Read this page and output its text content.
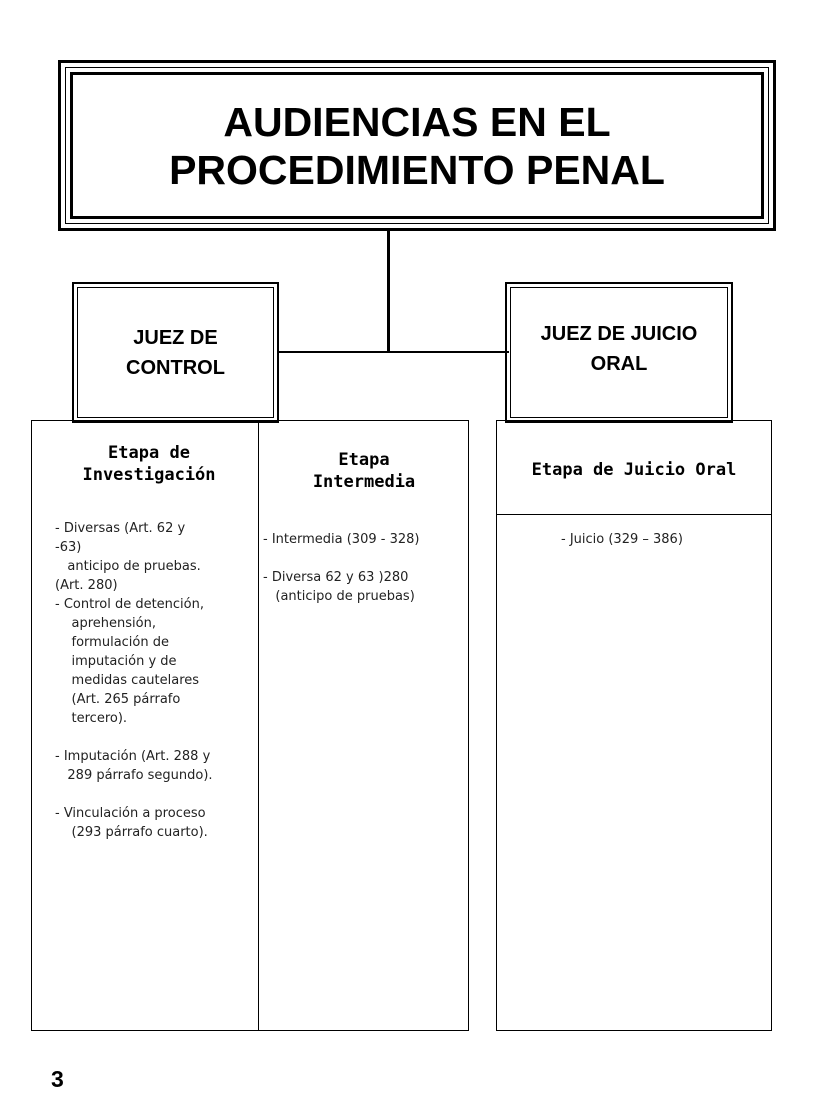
AUDIENCIAS EN EL
PROCEDIMIENTO PENAL
JUEZ DE
CONTROL
JUEZ DE JUICIO
ORAL
Etapa de
Investigación
Etapa
Intermedia
Etapa de Juicio Oral
- Diversas (Art. 62 y
-63)
anticipo de pruebas.
(Art. 280)
- Control de detención,
aprehensión,
formulación de
imputación y de
medidas cautelares
(Art. 265 párrafo
tercero).
- Imputación (Art. 288 y
289 párrafo segundo).
- Vinculación a proceso
(293 párrafo cuarto).
- Intermedia (309 - 328)
- Diversa 62 y 63 )280
(anticipo de pruebas)
- Juicio (329 – 386)
3
